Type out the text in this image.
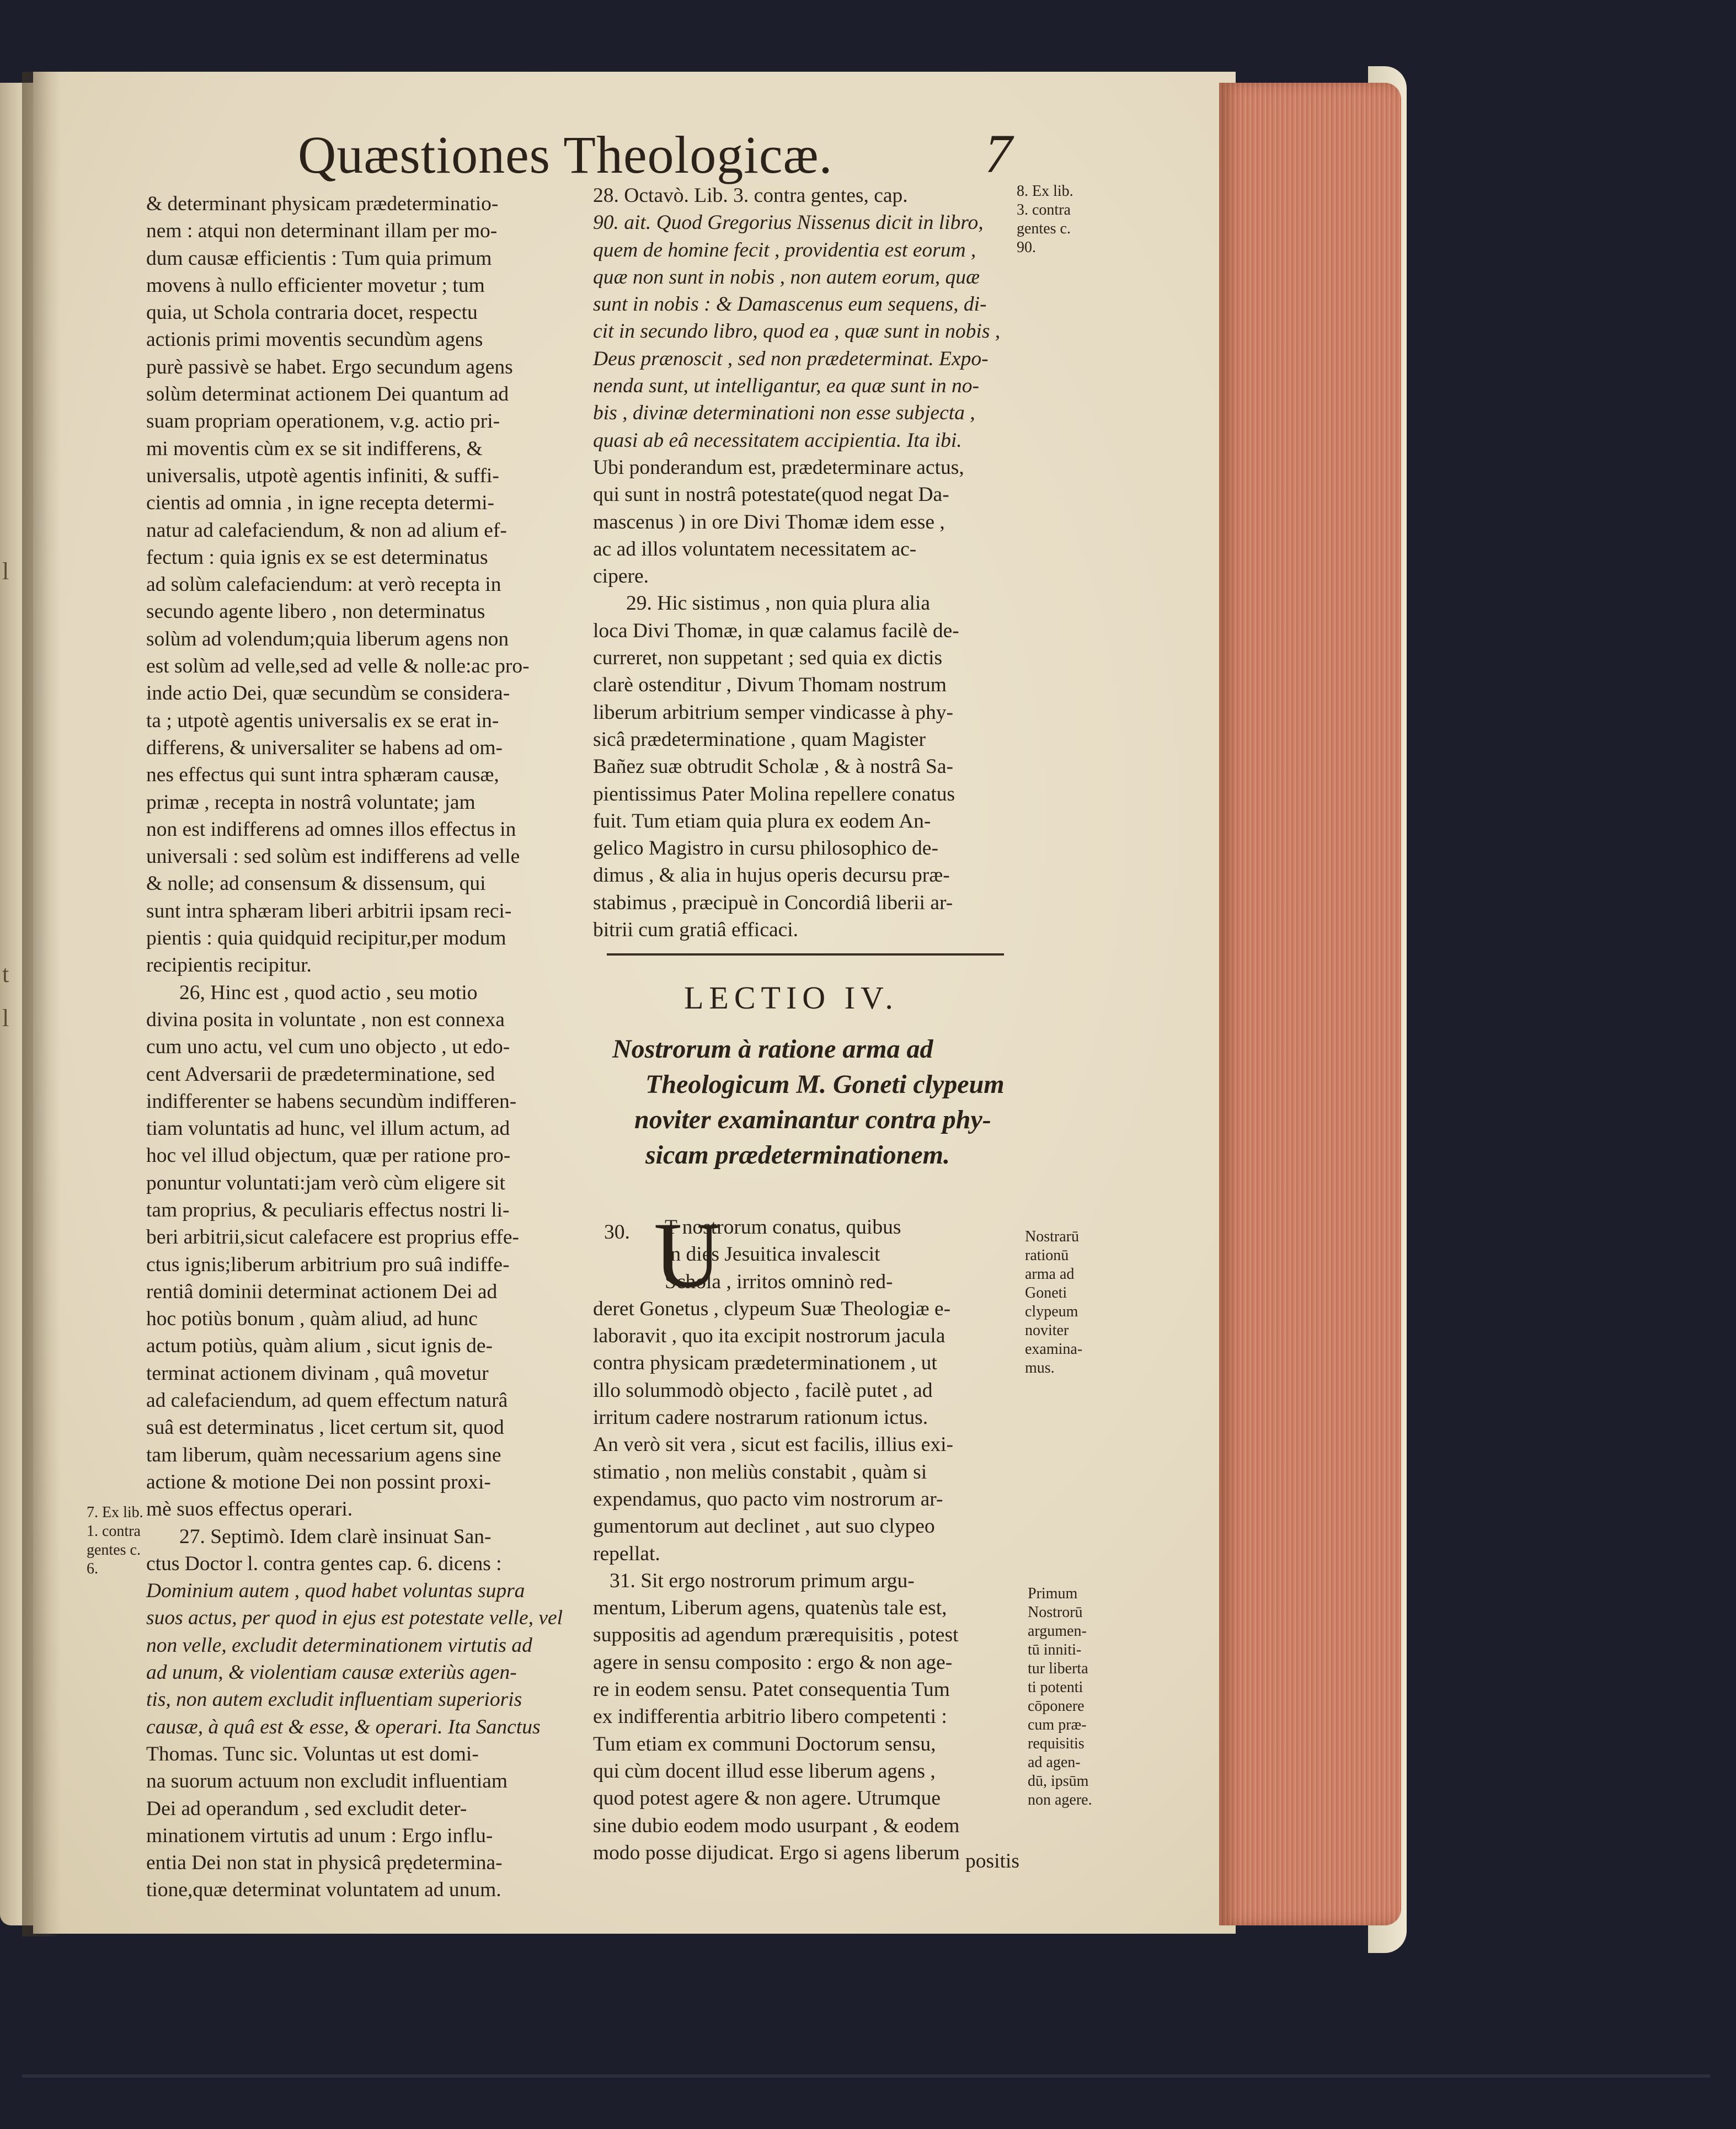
l
t
l
Quæstiones Theologicæ.	7
& determinant physicam prædeterminatio-
nem : atqui non determinant illam per mo-
dum causæ efficientis : Tum quia primum
movens à nullo efficienter movetur ; tum
quia, ut Schola contraria docet, respectu
actionis primi moventis secundùm agens
purè passivè se habet. Ergo secundum agens
solùm determinat actionem Dei quantum ad
suam propriam operationem, v.g. actio pri-
mi moventis cùm ex se sit indifferens, &
universalis, utpotè agentis infiniti, & suffi-
cientis ad omnia , in igne recepta determi-
natur ad calefaciendum, & non ad alium ef-
fectum : quia ignis ex se est determinatus
ad solùm calefaciendum: at verò recepta in
secundo agente libero , non determinatus
solùm ad volendum;quia liberum agens non
est solùm ad velle,sed ad velle & nolle:ac pro-
inde actio Dei, quæ secundùm se considera-
ta ; utpotè agentis universalis ex se erat in-
differens, & universaliter se habens ad om-
nes effectus qui sunt intra sphæram causæ,
primæ , recepta in nostrâ voluntate; jam
non est indifferens ad omnes illos effectus in
universali : sed solùm est indifferens ad velle
& nolle; ad consensum & dissensum, qui
sunt intra sphæram liberi arbitrii ipsam reci-
pientis : quia quidquid recipitur,per modum
recipientis recipitur.
26, Hinc est , quod actio , seu motio
divina posita in voluntate , non est connexa
cum uno actu, vel cum uno objecto , ut edo-
cent Adversarii de prædeterminatione, sed
indifferenter se habens secundùm indifferen-
tiam voluntatis ad hunc, vel illum actum, ad
hoc vel illud objectum, quæ per ratione pro-
ponuntur voluntati:jam verò cùm eligere sit
tam proprius, & peculiaris effectus nostri li-
beri arbitrii,sicut calefacere est proprius effe-
ctus ignis;liberum arbitrium pro suâ indiffe-
rentiâ dominii determinat actionem Dei ad
hoc potiùs bonum , quàm aliud, ad hunc
actum potiùs, quàm alium , sicut ignis de-
terminat actionem divinam , quâ movetur
ad calefaciendum, ad quem effectum naturâ
suâ est determinatus , licet certum sit, quod
tam liberum, quàm necessarium agens sine
actione & motione Dei non possint proxi-
mè suos effectus operari.
27. Septimò. Idem clarè insinuat San-
ctus Doctor l. contra gentes cap. 6. dicens :
Dominium autem , quod habet voluntas supra
suos actus, per quod in ejus est potestate velle, vel
non velle, excludit determinationem virtutis ad
ad unum, & violentiam causæ exteriùs agen-
tis, non autem excludit influentiam superioris
causæ, à quâ est & esse, & operari. Ita Sanctus
Thomas. Tunc sic. Voluntas ut est domi-
na suorum actuum non excludit influentiam
Dei ad operandum , sed excludit deter-
minationem virtutis ad unum : Ergo influ-
entia Dei non stat in physicâ prędetermina-
tione,quæ determinat voluntatem ad unum.
28. Octavò. Lib. 3. contra gentes, cap.
90. ait. Quod Gregorius Nissenus dicit in libro,
quem de homine fecit , providentia est eorum ,
quæ non sunt in nobis , non autem eorum, quæ
sunt in nobis : & Damascenus eum sequens, di-
cit in secundo libro, quod ea , quæ sunt in nobis ,
Deus prænoscit , sed non prædeterminat. Expo-
nenda sunt, ut intelligantur, ea quæ sunt in no-
bis , divinæ determinationi non esse subjecta ,
quasi ab eâ necessitatem accipientia. Ita ibi.
Ubi ponderandum est, prædeterminare actus,
qui sunt in nostrâ potestate(quod negat Da-
mascenus ) in ore Divi Thomæ idem esse ,
ac ad illos voluntatem necessitatem ac-
cipere.
29. Hic sistimus , non quia plura alia
loca Divi Thomæ, in quæ calamus facilè de-
curreret, non suppetant ; sed quia ex dictis
clarè ostenditur , Divum Thomam nostrum
liberum arbitrium semper vindicasse à phy-
sicâ prædeterminatione , quam Magister
Bañez suæ obtrudit Scholæ , & à nostrâ Sa-
pientissimus Pater Molina repellere conatus
fuit. Tum etiam quia plura ex eodem An-
gelico Magistro in cursu philosophico de-
dimus , & alia in hujus operis decursu præ-
stabimus , præcipuè in Concordiâ liberii ar-
bitrii cum gratiâ efficaci.
LECTIO IV.
Nostrorum à ratione arma ad
Theologicum M. Goneti clypeum
noviter examinantur contra phy-
sicam prædeterminationem.
30. U
T nostrorum conatus, quibus
in dies Jesuitica invalescit
Schola , irritos omninò red-
deret Gonetus , clypeum Suæ Theologiæ e-
laboravit , quo ita excipit nostrorum jacula
contra physicam prædeterminationem , ut
illo solummodò objecto , facilè putet , ad
irritum cadere nostrarum rationum ictus.
An verò sit vera , sicut est facilis, illius exi-
stimatio , non meliùs constabit , quàm si
expendamus, quo pacto vim nostrorum ar-
gumentorum aut declinet , aut suo clypeo
repellat.
31. Sit ergo nostrorum primum argu-
mentum, Liberum agens, quatenùs tale est,
suppositis ad agendum prærequisitis , potest
agere in sensu composito : ergo & non age-
re in eodem sensu. Patet consequentia Tum
ex indifferentia arbitrio libero competenti :
Tum etiam ex communi Doctorum sensu,
qui cùm docent illud esse liberum agens ,
quod potest agere & non agere. Utrumque
sine dubio eodem modo usurpant , & eodem
modo posse dijudicat. Ergo si agens liberum positis
7. Ex lib.
1. contra
gentes c.
6.
8. Ex lib.
3. contra
gentes c.
90.
Nostrarū
rationū
arma ad
Goneti
clypeum
noviter
examina-
mus.
Primum
Nostrorū
argumen-
tū inniti-
tur liberta
ti potenti
cōponere
cum præ-
requisitis
ad agen-
dū, ipsūm
non agere.
